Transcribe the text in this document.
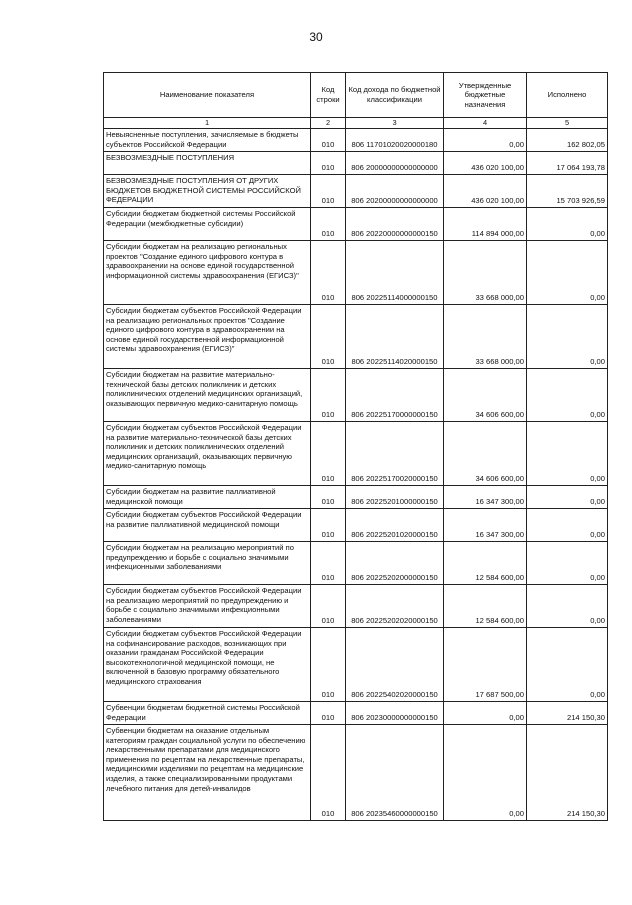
30
Наименование показателя	Код строки	Код дохода по бюджетной классификации	Утвержденные бюджетные назначения	Исполнено
1	2	3	4	5
Невыясненные поступления, зачисляемые в бюджеты субъектов Российской Федерации	010	806 11701020020000180	0,00	162 802,05
БЕЗВОЗМЕЗДНЫЕ ПОСТУПЛЕНИЯ	010	806 20000000000000000	436 020 100,00	17 064 193,78
БЕЗВОЗМЕЗДНЫЕ ПОСТУПЛЕНИЯ ОТ ДРУГИХ БЮДЖЕТОВ БЮДЖЕТНОЙ СИСТЕМЫ РОССИЙСКОЙ ФЕДЕРАЦИИ	010	806 20200000000000000	436 020 100,00	15 703 926,59
Субсидии бюджетам бюджетной системы Российской Федерации (межбюджетные субсидии)	010	806 20220000000000150	114 894 000,00	0,00
Субсидии бюджетам на реализацию региональных проектов "Создание единого цифрового контура в здравоохранении на основе единой государственной информационной системы здравоохранения (ЕГИСЗ)"	010	806 20225114000000150	33 668 000,00	0,00
Субсидии бюджетам субъектов Российской Федерации на реализацию региональных проектов "Создание единого цифрового контура в здравоохранении на основе единой государственной информационной системы здравоохранения (ЕГИСЗ)"	010	806 20225114020000150	33 668 000,00	0,00
Субсидии бюджетам на развитие материально-технической базы детских поликлиник и детских поликлинических отделений медицинских организаций, оказывающих первичную медико-санитарную помощь	010	806 20225170000000150	34 606 600,00	0,00
Субсидии бюджетам субъектов Российской Федерации на развитие материально-технической базы детских поликлиник и детских поликлинических отделений медицинских организаций, оказывающих первичную медико-санитарную помощь	010	806 20225170020000150	34 606 600,00	0,00
Субсидии бюджетам на развитие паллиативной медицинской помощи	010	806 20225201000000150	16 347 300,00	0,00
Субсидии бюджетам субъектов Российской Федерации на развитие паллиативной медицинской помощи	010	806 20225201020000150	16 347 300,00	0,00
Субсидии бюджетам на реализацию мероприятий по предупреждению и борьбе с социально значимыми инфекционными заболеваниями	010	806 20225202000000150	12 584 600,00	0,00
Субсидии бюджетам субъектов Российской Федерации на реализацию мероприятий по предупреждению и борьбе с социально значимыми инфекционными заболеваниями	010	806 20225202020000150	12 584 600,00	0,00
Субсидии бюджетам субъектов Российской Федерации на софинансирование расходов, возникающих при оказании гражданам Российской Федерации высокотехнологичной медицинской помощи, не включенной в базовую программу обязательного медицинского страхования	010	806 20225402020000150	17 687 500,00	0,00
Субвенции бюджетам бюджетной системы Российской Федерации	010	806 20230000000000150	0,00	214 150,30
Субвенции бюджетам на оказание отдельным категориям граждан социальной услуги по обеспечению лекарственными препаратами для медицинского применения по рецептам на лекарственные препараты, медицинскими изделиями по рецептам на медицинские изделия, а также специализированными продуктами лечебного питания для детей-инвалидов	010	806 20235460000000150	0,00	214 150,30
